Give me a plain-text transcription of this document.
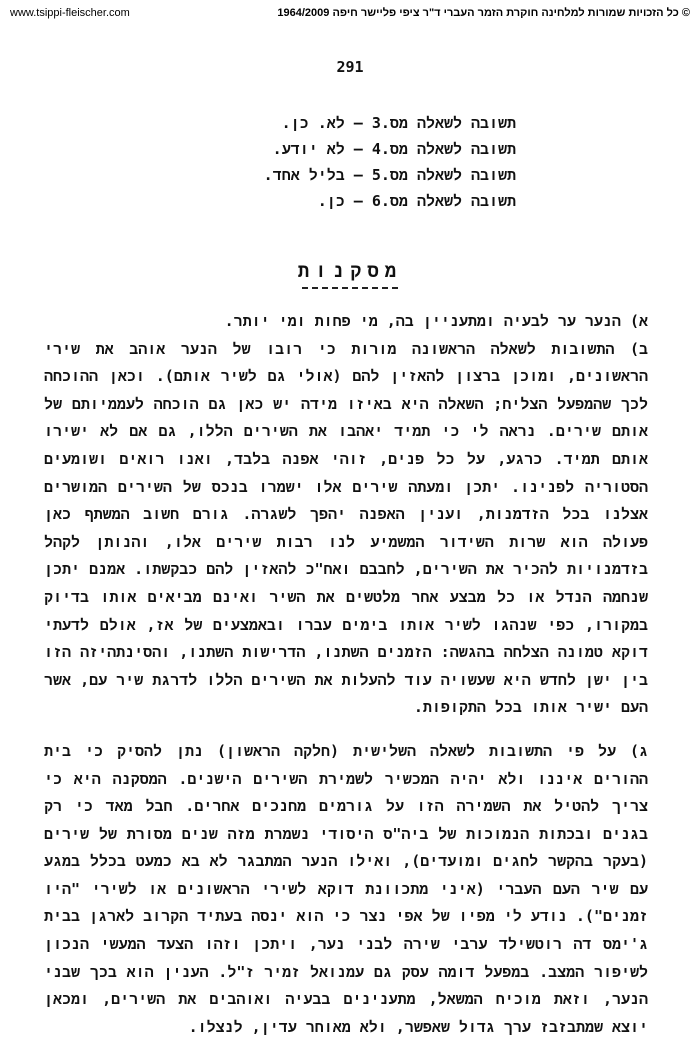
www.tsippi-fleischer.com	© כל הזכויות שמורות למלחינה חוקרת הזמר העברי ד"ר ציפי פליישר חיפה 1964/2009
291
תשובה לשאלה מס.3 – לא. כן.
תשובה לשאלה מס.4 – לא יודע.
תשובה לשאלה מס.5 – בליל אחד.
תשובה לשאלה מס.6 – כן.
מסקנות

א) הנער ער לבעיה ומתעניין בה, מי פחות ומי יותר.

ב) התשובות לשאלה הראשונה מורות כי רובו של הנער אוהב את שירי הראשונים, ומוכן ברצון להאזין להם (אולי גם לשיר אותם). וכאן ההוכחה לכך שהמפעל הצליח; השאלה היא באיזו מידה יש כאן גם הוכחה לעממיותם של אותם שירים. נראה לי כי תמיד יאהבו את השירים הללו, גם אם לא ישירו אותם תמיד. כרגע, על כל פנים, זוהי אפנה בלבד, ואנו רואים ושומעים הסטוריה לפנינו. יתכן ומעתה שירים אלו ישמרו בנכס של השירים המושרים אצלנו בכל הזדמנות, וענין האפנה יהפך לשגרה. גורם חשוב המשתף כאן פעולה הוא שרות השידור המשמיע לנו רבות שירים אלו, והנותן לקהל בזדמנויות להכיר את השירים, לחבבם ואח"כ להאזין להם כבקשתו. אמנם יתכן שנחמה הנדל או כל מבצע אחר מלטשים את השיר ואינם מביאים אותו בדיוק במקורו, כפי שנהגו לשיר אותו בימים עברו ובאמצעים של אז, אולם לדעתי דוקא טמונה הצלחה בהגשה: הזמנים השתנו, הדרישות השתנו, והסינתהיזה הזו בין ישן לחדש היא שעשויה עוד להעלות את השירים הללו לדרגת שיר עם, אשר העם ישיר אותו בכל התקופות.

ג) על פי התשובות לשאלה השלישית (חלקה הראשון) נתן להסיק כי בית ההורים איננו ולא יהיה המכשיר לשמירת השירים הישנים. המסקנה היא כי צריך להטיל את השמירה הזו על גורמים מחנכים אחרים. חבל מאד כי רק בגנים ובכתות הנמוכות של ביה"ס היסודי נשמרת מזה שנים מסורת של שירים (בעקר בהקשר לחגים ומועדים), ואילו הנער המתבגר לא בא כמעט בכלל במגע עם שיר העם העברי (איני מתכוונת דוקא לשירי הראשונים או לשירי "היו זמנים"). נודע לי מפיו של אפי נצר כי הוא ינסה בעתיד הקרוב לארגן בבית ג'ימס דה רוטשילד ערבי שירה לבני נער, ויתכן וזהו הצעד המעשי הנכון לשיפור המצב. במפעל דומה עסק גם עמנואל זמיר ז"ל. הענין הוא בכך שבני הנער, וזאת מוכיח המשאל, מתענינים בבעיה ואוהבים את השירים, ומכאן יוצא שמתבזבז ערך גדול שאפשר, ולא מאוחר עדין, לנצלו.
